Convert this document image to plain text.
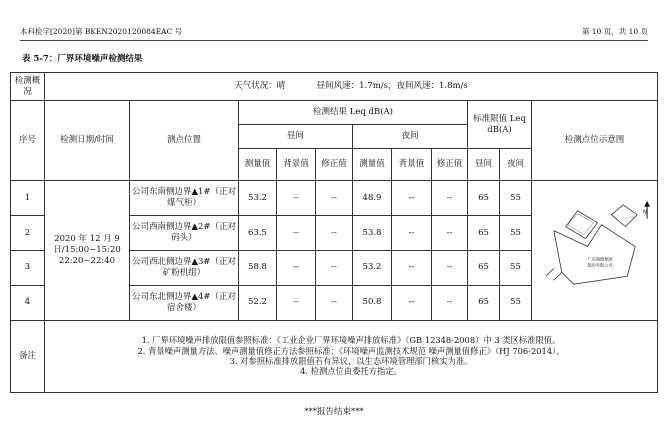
本科检字[2020]第 BKEN2020120084EAC 号	第 10 页，共 10 页
表 5-7：厂界环境噪声检测结果
检测概况	天气状况：晴 昼间风速：1.7m/s，夜间风速：1.8m/s										
序号	检测日期/时间	测点位置	检测结果 Leq dB(A)						标准限值 Leq dB(A)		检测点位示意图
			昼间			夜间					
			测量值	背景值	修正值	测量值	背景值	修正值	昼间	夜间	
1	2020 年 12 月 9 日/15:00~15:20 22:20~22:40	公司东南侧边界▲1#（正对煤气柜）	53.2	--	--	48.9	--	--	65	55	N
广东海德集团
股份有限公司

2		公司西南侧边界▲2#（正对码头）	63.5	--	--	53.8	--	--	65	55	
3		公司西北侧边界▲3#（正对矿粉机组）	58.8	--	--	53.2	--	--	65	55	
4		公司东北侧边界▲4#（正对宿舍楼）	52.2	--	--	50.8	--	--	65	55	
备注	1. 厂界环境噪声排放限值参照标准：《工业企业厂界环境噪声排放标准》（GB 12348-2008）中 3 类区标准限值。
2. 背景噪声测量方法、噪声测量值修正方法参照标准：《环境噪声监测技术规范 噪声测量值修正》（HJ 706-2014）。
3. 对参照标准排放限值若有异议，以生态环境管理部门核实为准。
4. 检测点位由委托方指定。										
***报告结束***
